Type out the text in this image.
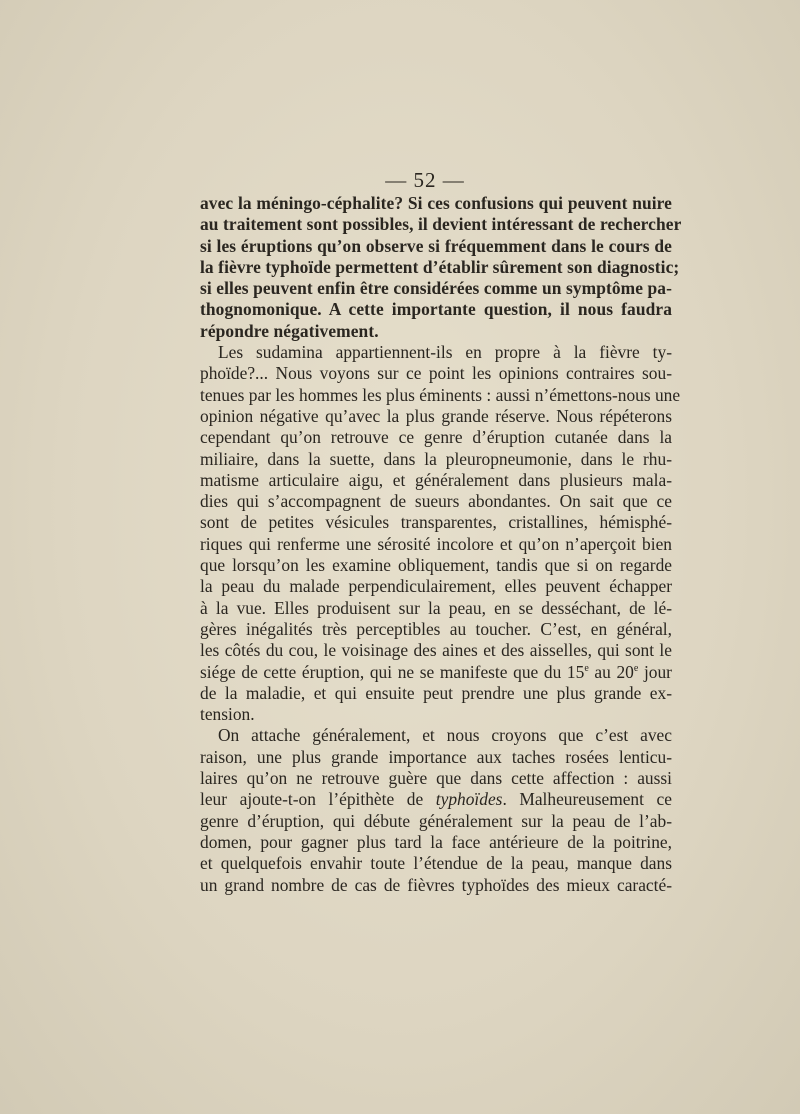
— 52 —
avec la méningo-céphalite? Si ces confusions qui peuvent nuire
au traitement sont possibles, il devient intéressant de rechercher
si les éruptions qu’on observe si fréquemment dans le cours de
la fièvre typhoïde permettent d’établir sûrement son diagnostic;
si elles peuvent enfin être considérées comme un symptôme pa-
thognomonique. A cette importante question, il nous faudra
répondre négativement.
Les sudamina appartiennent-ils en propre à la fièvre ty-
phoïde?... Nous voyons sur ce point les opinions contraires sou-
tenues par les hommes les plus éminents : aussi n’émettons-nous une
opinion négative qu’avec la plus grande réserve. Nous répéterons
cependant qu’on retrouve ce genre d’éruption cutanée dans la
miliaire, dans la suette, dans la pleuropneumonie, dans le rhu-
matisme articulaire aigu, et généralement dans plusieurs mala-
dies qui s’accompagnent de sueurs abondantes. On sait que ce
sont de petites vésicules transparentes, cristallines, hémisphé-
riques qui renferme une sérosité incolore et qu’on n’aperçoit bien
que lorsqu’on les examine obliquement, tandis que si on regarde
la peau du malade perpendiculairement, elles peuvent échapper
à la vue. Elles produisent sur la peau, en se desséchant, de lé-
gères inégalités très perceptibles au toucher. C’est, en général,
les côtés du cou, le voisinage des aines et des aisselles, qui sont le
siége de cette éruption, qui ne se manifeste que du 15e au 20e jour
de la maladie, et qui ensuite peut prendre une plus grande ex-
tension.
On attache généralement, et nous croyons que c’est avec
raison, une plus grande importance aux taches rosées lenticu-
laires qu’on ne retrouve guère que dans cette affection : aussi
leur ajoute-t-on l’épithète de typhoïdes. Malheureusement ce
genre d’éruption, qui débute généralement sur la peau de l’ab-
domen, pour gagner plus tard la face antérieure de la poitrine,
et quelquefois envahir toute l’étendue de la peau, manque dans
un grand nombre de cas de fièvres typhoïdes des mieux caracté-
